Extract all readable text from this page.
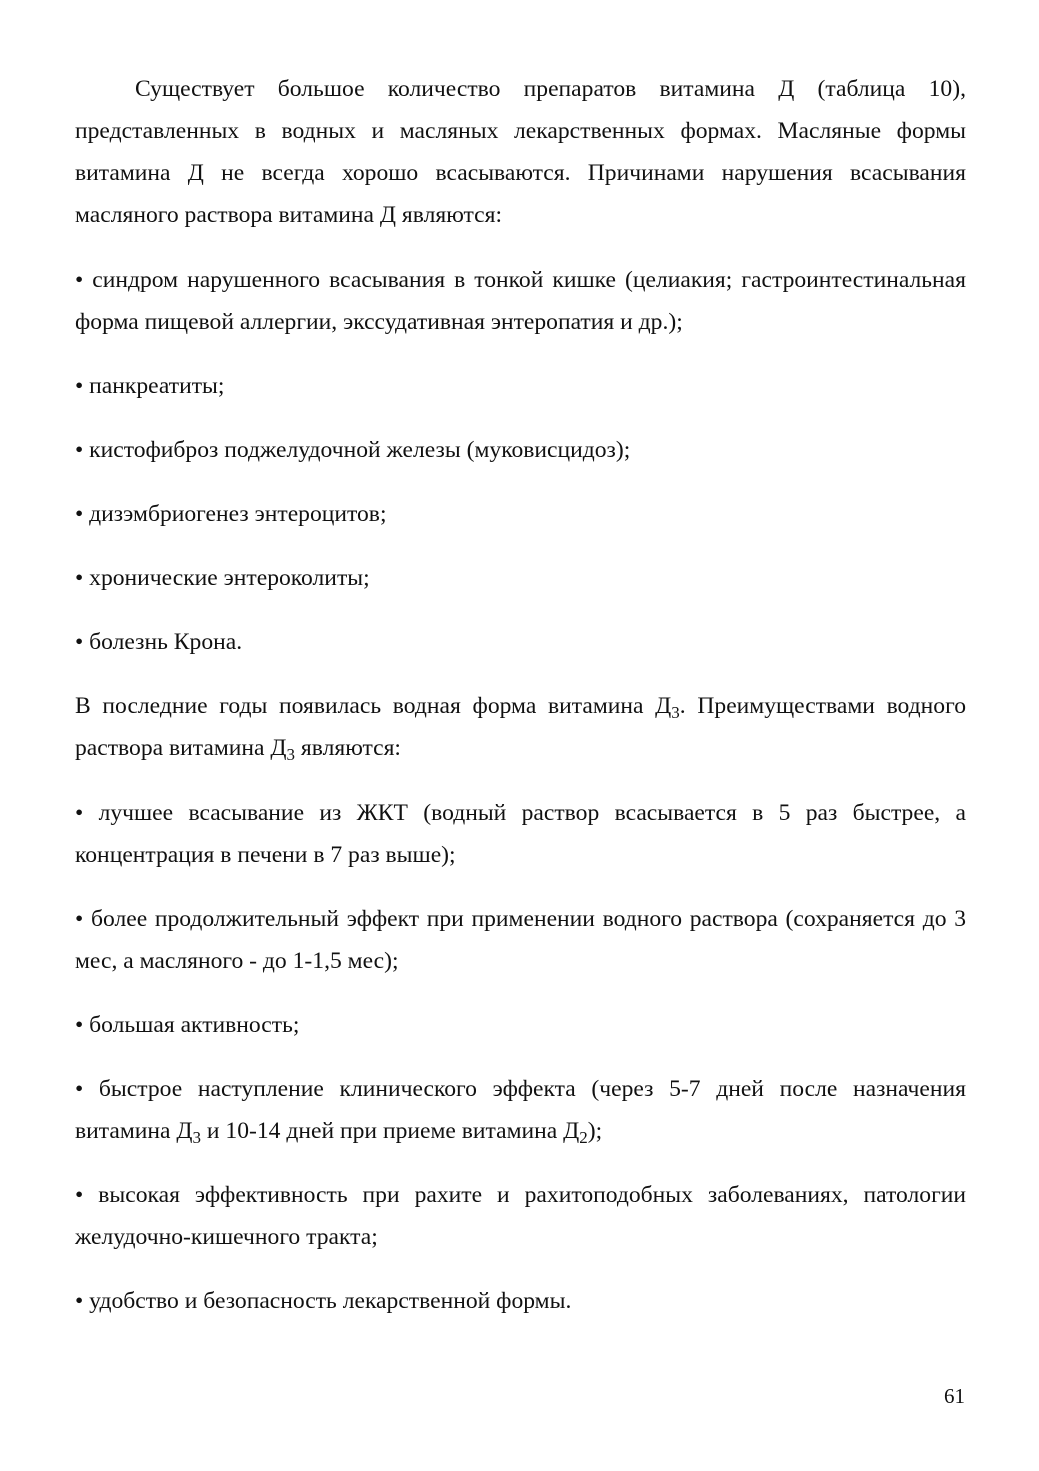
Существует большое количество препаратов витамина Д (таблица 10), представленных в водных и масляных лекарственных формах. Масляные формы витамина Д не всегда хорошо всасываются. Причинами нарушения всасывания масляного раствора витамина Д являются:

• синдром нарушенного всасывания в тонкой кишке (целиакия; гастроинтестинальная форма пищевой аллергии, экссудативная энтеропатия и др.);

• панкреатиты;

• кистофиброз поджелудочной железы (муковисцидоз);

• дизэмбриогенез энтероцитов;

• хронические энтероколиты;

• болезнь Крона.

В последние годы появилась водная форма витамина $Д_3$. Преимуществами водного раствора витамина $Д_3$ являются:

• лучшее всасывание из ЖКТ (водный раствор всасывается в 5 раз быстрее, а концентрация в печени в 7 раз выше);

• более продолжительный эффект при применении водного раствора (сохраняется до 3 мес, а масляного - до 1-1,5 мес);

• большая активность;

• быстрое наступление клинического эффекта (через 5-7 дней после назначения витамина $Д_3$ и 10-14 дней при приеме витамина $Д_2$);

• высокая эффективность при рахите и рахитоподобных заболеваниях, патологии желудочно-кишечного тракта;

• удобство и безопасность лекарственной формы.

61
